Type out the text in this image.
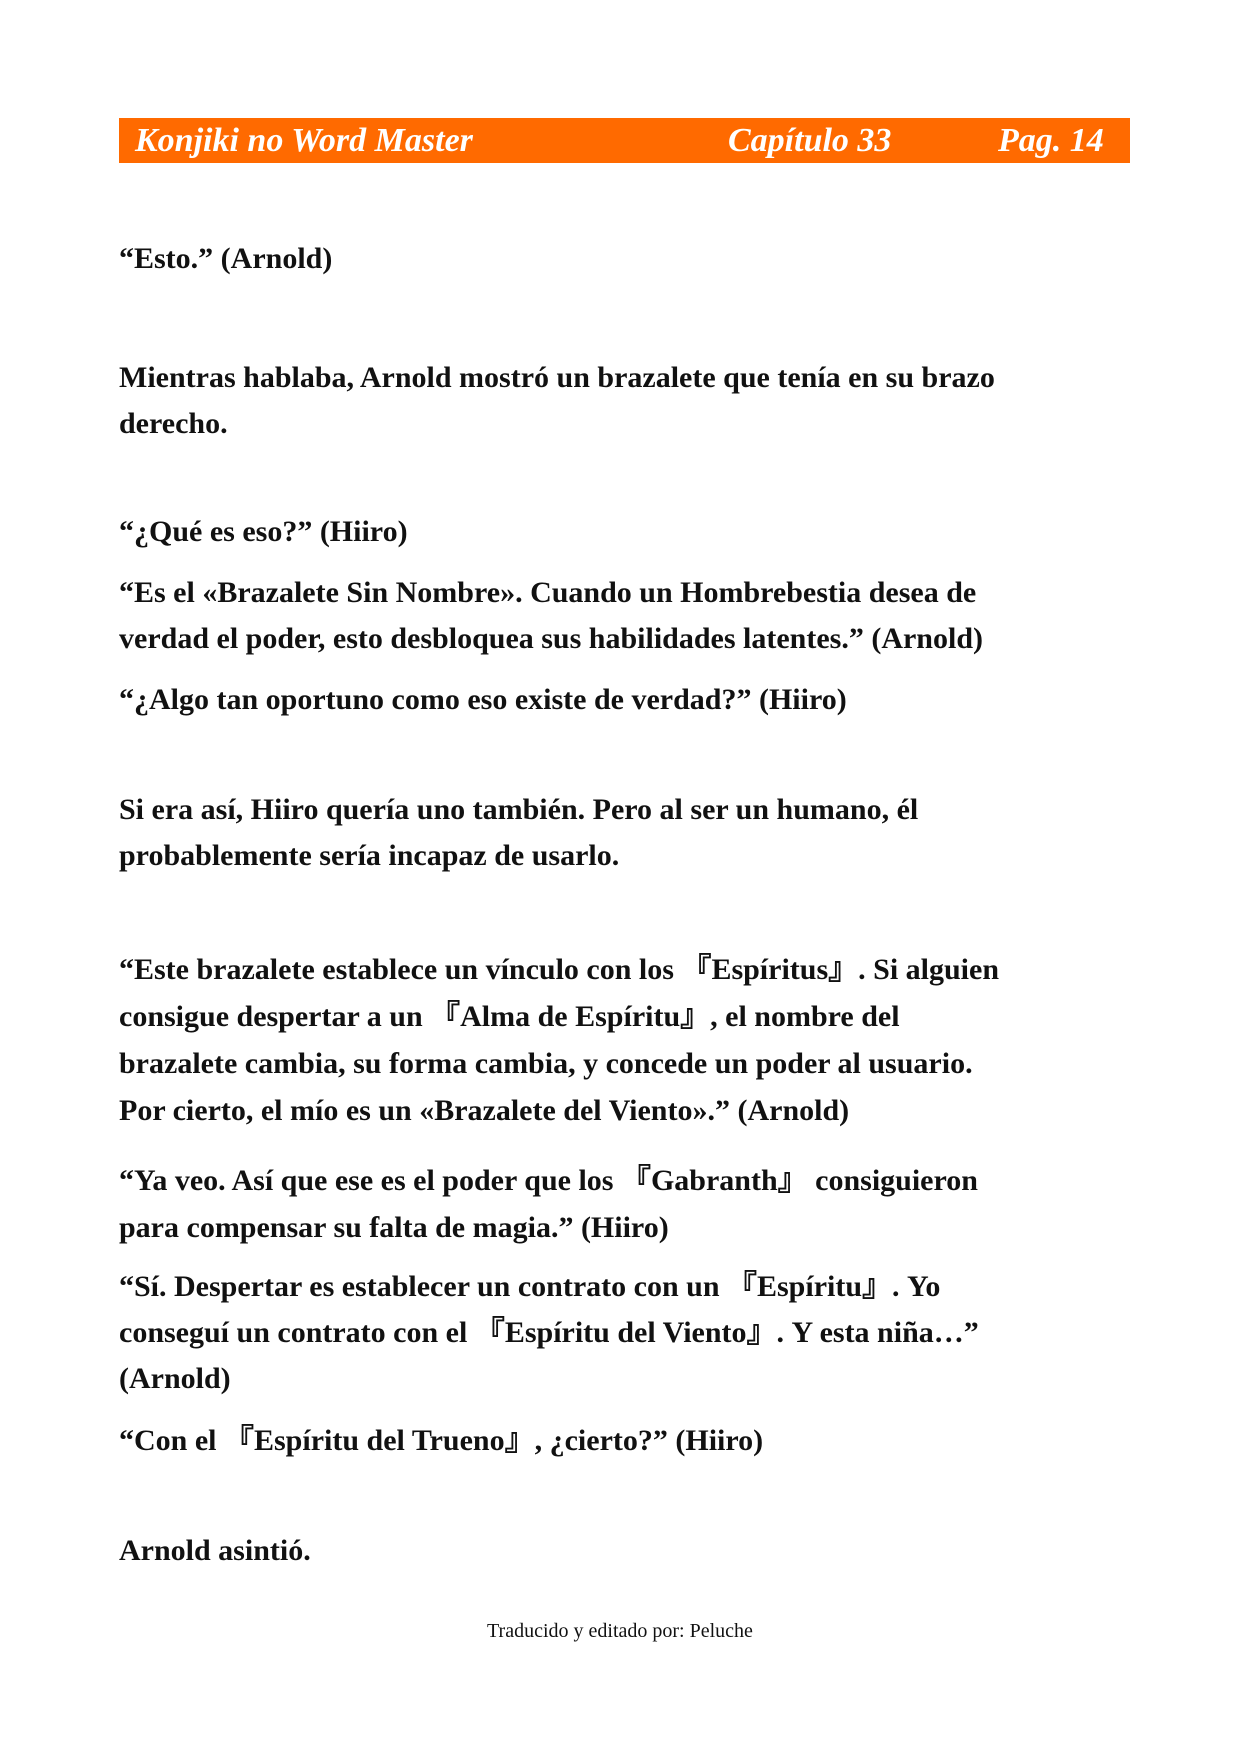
Konjiki no Word Master	Capítulo 33	Pag. 14
“Esto.” (Arnold)
Mientras hablaba, Arnold mostró un brazalete que tenía en su brazo
derecho.
“¿Qué es eso?” (Hiiro)
“Es el «Brazalete Sin Nombre». Cuando un Hombrebestia desea de
verdad el poder, esto desbloquea sus habilidades latentes.” (Arnold)
“¿Algo tan oportuno como eso existe de verdad?” (Hiiro)
Si era así, Hiiro quería uno también. Pero al ser un humano, él
probablemente sería incapaz de usarlo.
“Este brazalete establece un vínculo con los 『Espíritus』. Si alguien
consigue despertar a un 『Alma de Espíritu』, el nombre del
brazalete cambia, su forma cambia, y concede un poder al usuario.
Por cierto, el mío es un «Brazalete del Viento».” (Arnold)
“Ya veo. Así que ese es el poder que los 『Gabranth』 consiguieron
para compensar su falta de magia.” (Hiiro)
“Sí. Despertar es establecer un contrato con un 『Espíritu』. Yo
conseguí un contrato con el 『Espíritu del Viento』. Y esta niña…”
(Arnold)
“Con el 『Espíritu del Trueno』, ¿cierto?” (Hiiro)
Arnold asintió.
Traducido y editado por: Peluche
